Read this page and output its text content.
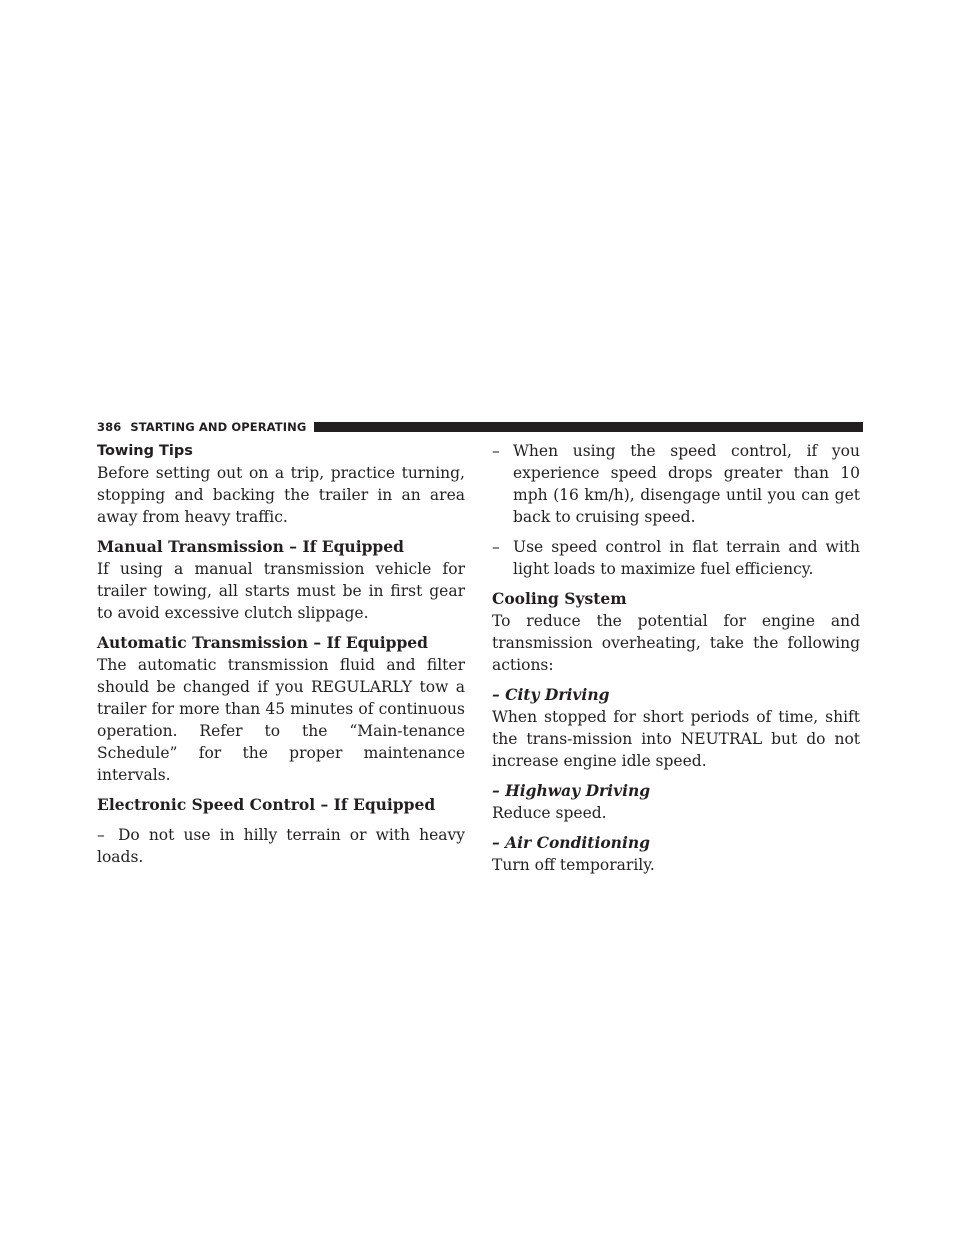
386 STARTING AND OPERATING
Towing Tips

Before setting out on a trip, practice turning, stopping and backing the trailer in an area away from heavy traffic.

Manual Transmission – If Equipped

If using a manual transmission vehicle for trailer towing, all starts must be in first gear to avoid excessive clutch slippage.

Automatic Transmission – If Equipped

The automatic transmission fluid and filter should be changed if you REGULARLY tow a trailer for more than 45 minutes of continuous operation. Refer to the “Main-tenance Schedule” for the proper maintenance intervals.

Electronic Speed Control – If Equipped

– Do not use in hilly terrain or with heavy loads.

– When using the speed control, if you experience speed drops greater than 10 mph (16 km/h), disengage until you can get back to cruising speed.

– Use speed control in flat terrain and with light loads to maximize fuel efficiency.

Cooling System

To reduce the potential for engine and transmission overheating, take the following actions:

– City Driving

When stopped for short periods of time, shift the trans-mission into NEUTRAL but do not increase engine idle speed.

– Highway Driving

Reduce speed.

– Air Conditioning

Turn off temporarily.
